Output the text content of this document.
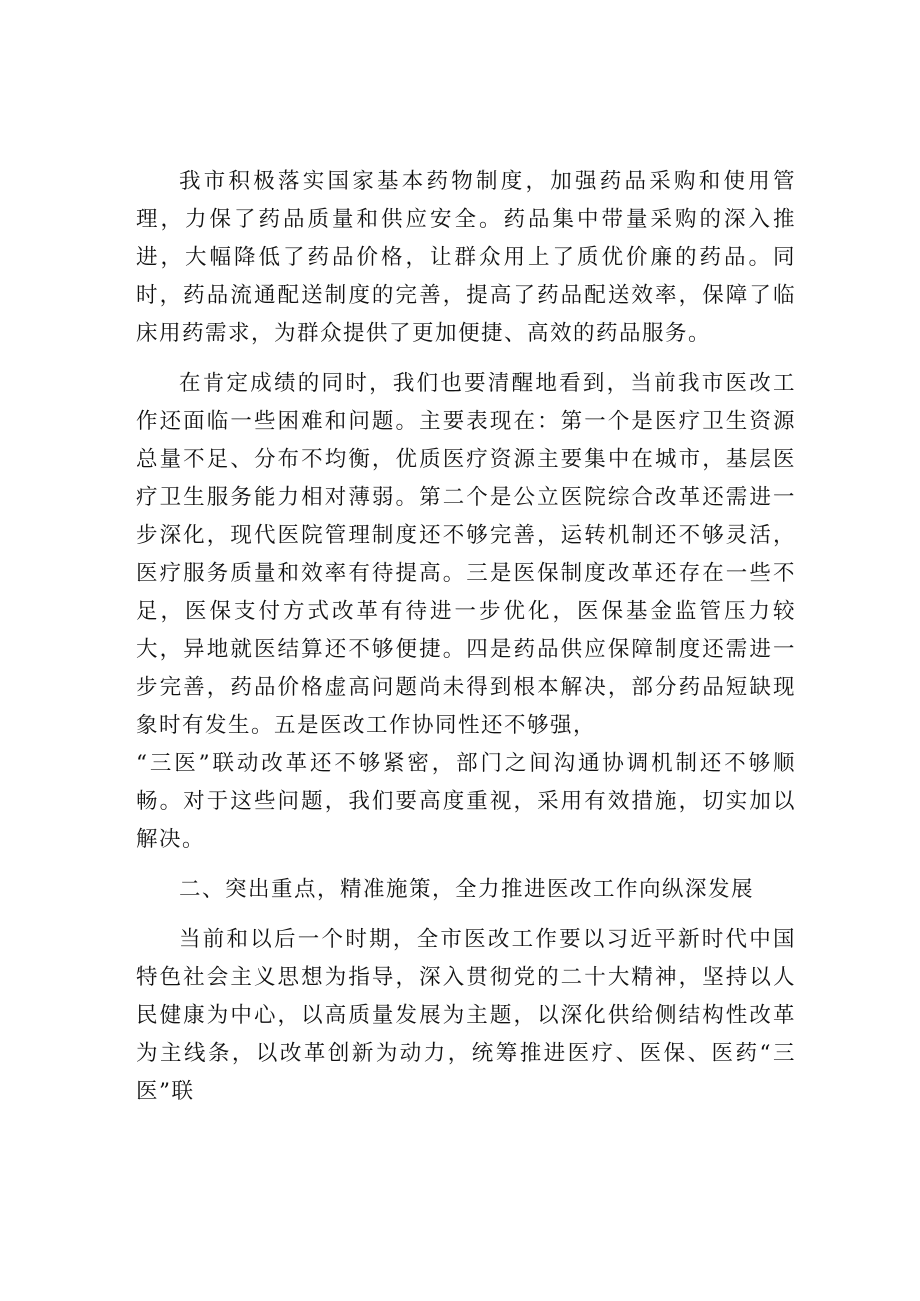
我市积极落实国家基本药物制度，加强药品采购和使用管理，力保了药品质量和供应安全。药品集中带量采购的深入推进，大幅降低了药品价格，让群众用上了质优价廉的药品。同时，药品流通配送制度的完善，提高了药品配送效率，保障了临床用药需求，为群众提供了更加便捷、高效的药品服务。

在肯定成绩的同时，我们也要清醒地看到，当前我市医改工作还面临一些困难和问题。主要表现在：第一个是医疗卫生资源总量不足、分布不均衡，优质医疗资源主要集中在城市，基层医疗卫生服务能力相对薄弱。第二个是公立医院综合改革还需进一步深化，现代医院管理制度还不够完善，运转机制还不够灵活，医疗服务质量和效率有待提高。三是医保制度改革还存在一些不足，医保支付方式改革有待进一步优化，医保基金监管压力较大，异地就医结算还不够便捷。四是药品供应保障制度还需进一步完善，药品价格虚高问题尚未得到根本解决，部分药品短缺现象时有发生。五是医改工作协同性还不够强，

“三医”联动改革还不够紧密，部门之间沟通协调机制还不够顺畅。对于这些问题，我们要高度重视，采用有效措施，切实加以解决。

二、突出重点，精准施策，全力推进医改工作向纵深发展

当前和以后一个时期，全市医改工作要以习近平新时代中国特色社会主义思想为指导，深入贯彻党的二十大精神，坚持以人民健康为中心，以高质量发展为主题，以深化供给侧结构性改革为主线条，以改革创新为动力，统筹推进医疗、医保、医药“三医”联
